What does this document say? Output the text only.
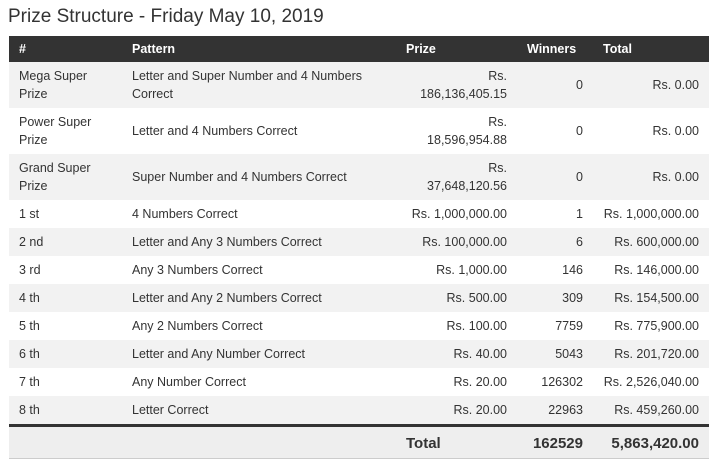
Prize Structure - Friday May 10, 2019
#	Pattern	Prize	Winners	Total
Mega Super Prize	Letter and Super Number and 4 Numbers Correct	Rs. 186,136,405.15	0	Rs. 0.00
Power Super Prize	Letter and 4 Numbers Correct	Rs. 18,596,954.88	0	Rs. 0.00
Grand Super Prize	Super Number and 4 Numbers Correct	Rs. 37,648,120.56	0	Rs. 0.00
1 st	4 Numbers Correct	Rs. 1,000,000.00	1	Rs. 1,000,000.00
2 nd	Letter and Any 3 Numbers Correct	Rs. 100,000.00	6	Rs. 600,000.00
3 rd	Any 3 Numbers Correct	Rs. 1,000.00	146	Rs. 146,000.00
4 th	Letter and Any 2 Numbers Correct	Rs. 500.00	309	Rs. 154,500.00
5 th	Any 2 Numbers Correct	Rs. 100.00	7759	Rs. 775,900.00
6 th	Letter and Any Number Correct	Rs. 40.00	5043	Rs. 201,720.00
7 th	Any Number Correct	Rs. 20.00	126302	Rs. 2,526,040.00
8 th	Letter Correct	Rs. 20.00	22963	Rs. 459,260.00
		Total	162529	5,863,420.00
